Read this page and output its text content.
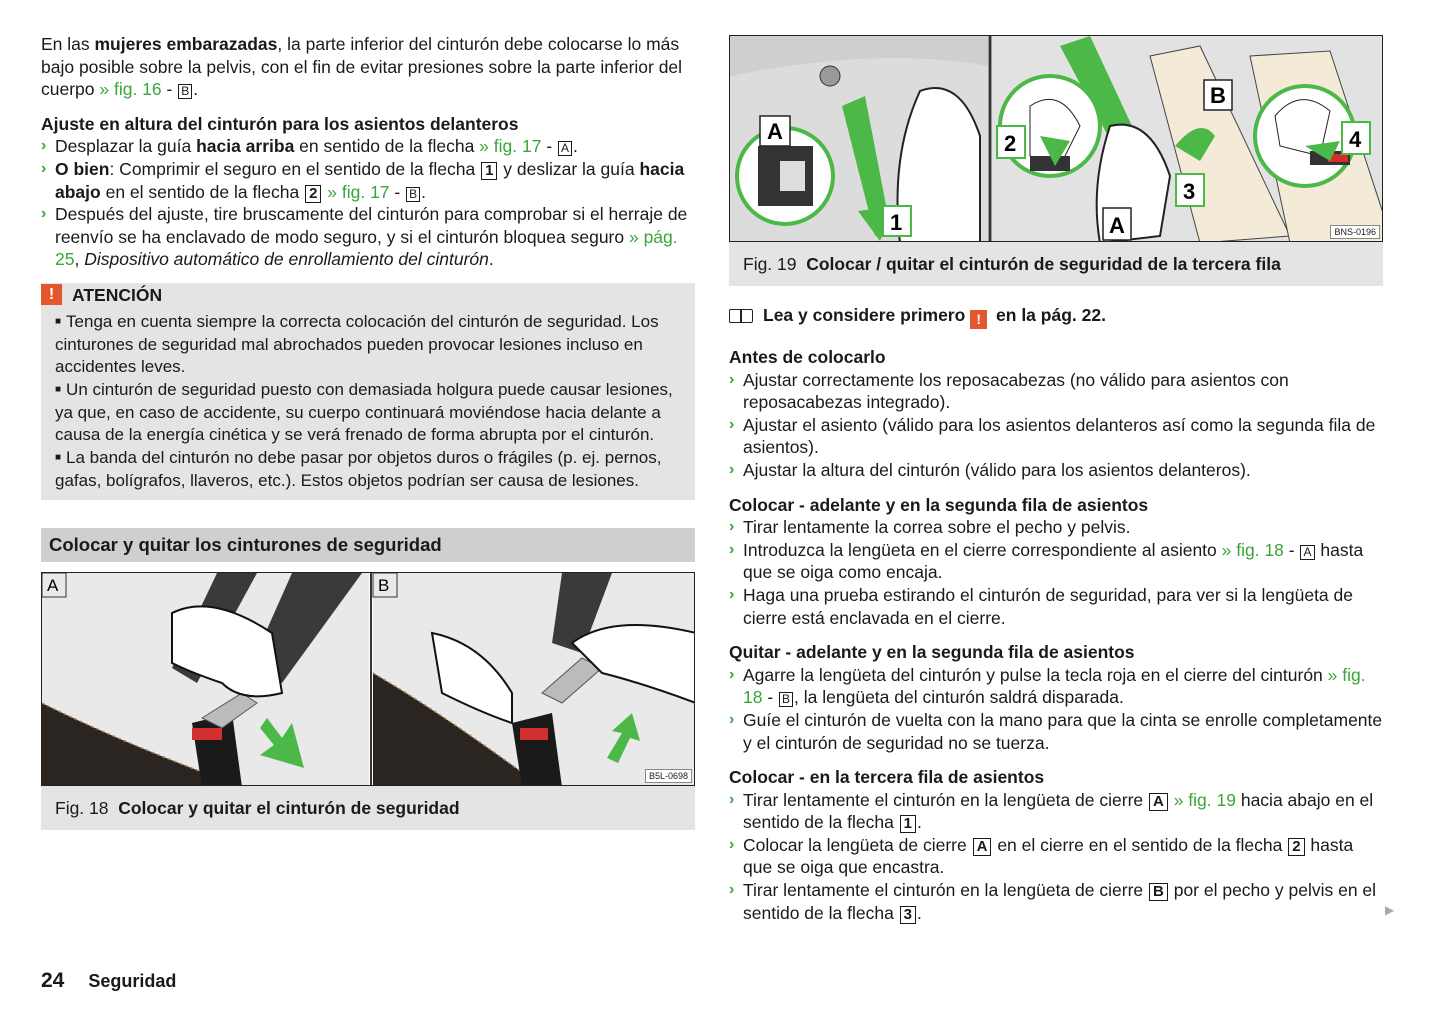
En las mujeres embarazadas, la parte inferior del cinturón debe colocarse lo más bajo posible sobre la pelvis, con el fin de evitar presiones sobre la parte inferior del cuerpo » fig. 16 - B .

Ajuste en altura del cinturón para los asientos delanteros

› Desplazar la guía hacia arriba en sentido de la flecha » fig. 17 - A .
› O bien: Comprimir el seguro en el sentido de la flecha 1 y deslizar la guía hacia abajo en el sentido de la flecha 2 » fig. 17 - B .
› Después del ajuste, tire bruscamente del cinturón para comprobar si el herraje de reenvío se ha enclavado de modo seguro, y si el cinturón bloquea seguro » pág. 25, Dispositivo automático de enrollamiento del cinturón.
!	ATENCIÓN

■ Tenga en cuenta siempre la correcta colocación del cinturón de seguridad. Los cinturones de seguridad mal abrochados pueden provocar lesiones incluso en accidentes leves.

■ Un cinturón de seguridad puesto con demasiada holgura puede causar lesiones, ya que, en caso de accidente, su cuerpo continuará moviéndose hacia delante a causa de la energía cinética y se verá frenado de forma abrupta por el cinturón.

■ La banda del cinturón no debe pasar por objetos duros o frágiles (p. ej. pernos, gafas, bolígrafos, llaveros, etc.). Estos objetos podrían ser causa de lesiones.

Colocar y quitar los cinturones de seguridad
A	B
B5L-0698
Fig. 18 Colocar y quitar el cinturón de seguridad
A
1
2
3
4
B
A	BNS-0196
Fig. 19 Colocar / quitar el cinturón de seguridad de la tercera fila

Lea y considere primero ! en la pág. 22.

Antes de colocarlo

› Ajustar correctamente los reposacabezas (no válido para asientos con reposacabezas integrado).
› Ajustar el asiento (válido para los asientos delanteros así como la segunda fila de asientos).
› Ajustar la altura del cinturón (válido para los asientos delanteros).

Colocar - adelante y en la segunda fila de asientos

› Tirar lentamente la correa sobre el pecho y pelvis.
› Introduzca la lengüeta en el cierre correspondiente al asiento » fig. 18 - A hasta que se oiga como encaja.
› Haga una prueba estirando el cinturón de seguridad, para ver si la lengüeta de cierre está enclavada en el cierre.

Quitar - adelante y en la segunda fila de asientos

› Agarre la lengüeta del cinturón y pulse la tecla roja en el cierre del cinturón » fig. 18 - B , la lengüeta del cinturón saldrá disparada.
› Guíe el cinturón de vuelta con la mano para que la cinta se enrolle completamente y el cinturón de seguridad no se tuerza.

Colocar - en la tercera fila de asientos

› Tirar lentamente el cinturón en la lengüeta de cierre A » fig. 19 hacia abajo en el sentido de la flecha 1 .
› Colocar la lengüeta de cierre A en el cierre en el sentido de la flecha 2 hasta que se oiga que encastra.
› Tirar lentamente el cinturón en la lengüeta de cierre B por el pecho y pelvis en el sentido de la flecha 3 .	▶
24 Seguridad
